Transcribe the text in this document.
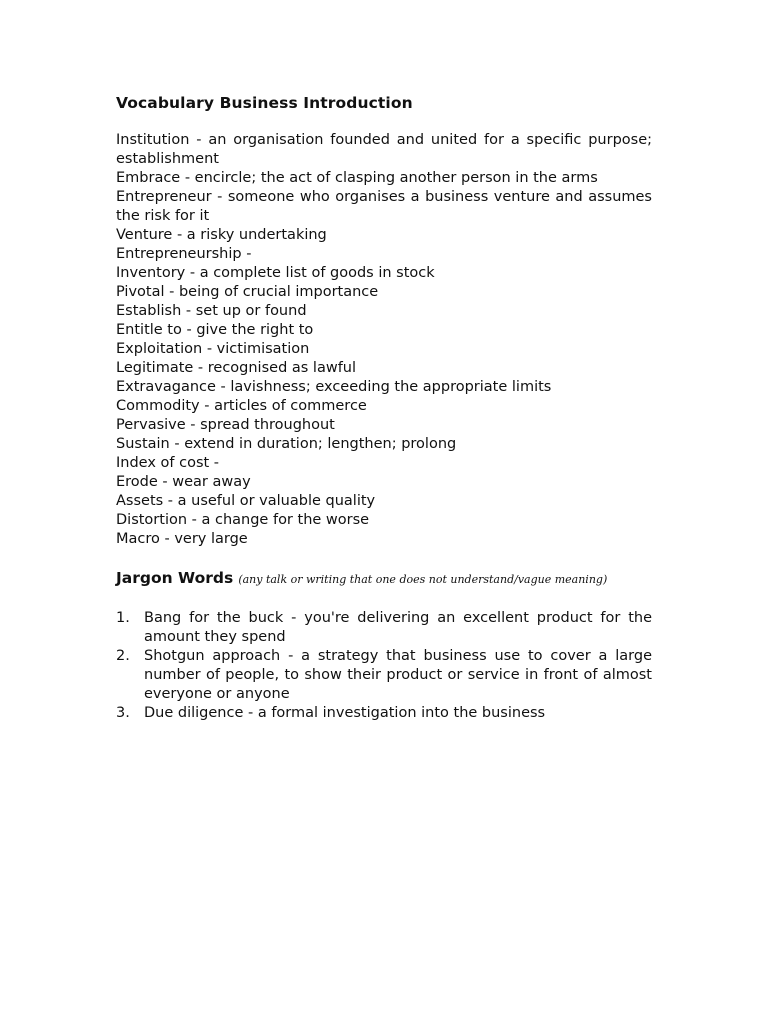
Vocabulary Business Introduction
Institution - an organisation founded and united for a specific purpose; establishment
Embrace - encircle; the act of clasping another person in the arms
Entrepreneur - someone who organises a business venture and assumes the risk for it
Venture - a risky undertaking
Entrepreneurship -
Inventory - a complete list of goods in stock
Pivotal - being of crucial importance
Establish - set up or found
Entitle to - give the right to
Exploitation - victimisation
Legitimate - recognised as lawful
Extravagance - lavishness; exceeding the appropriate limits
Commodity - articles of commerce
Pervasive - spread throughout
Sustain - extend in duration; lengthen; prolong
Index of cost -
Erode - wear away
Assets - a useful or valuable quality
Distortion - a change for the worse
Macro - very large
Jargon Words (any talk or writing that one does not understand/vague meaning)
1. Bang for the buck - you're delivering an excellent product for the amount they spend
2. Shotgun approach - a strategy that business use to cover a large number of people, to show their product or service in front of almost everyone or anyone
3. Due diligence - a formal investigation into the business
